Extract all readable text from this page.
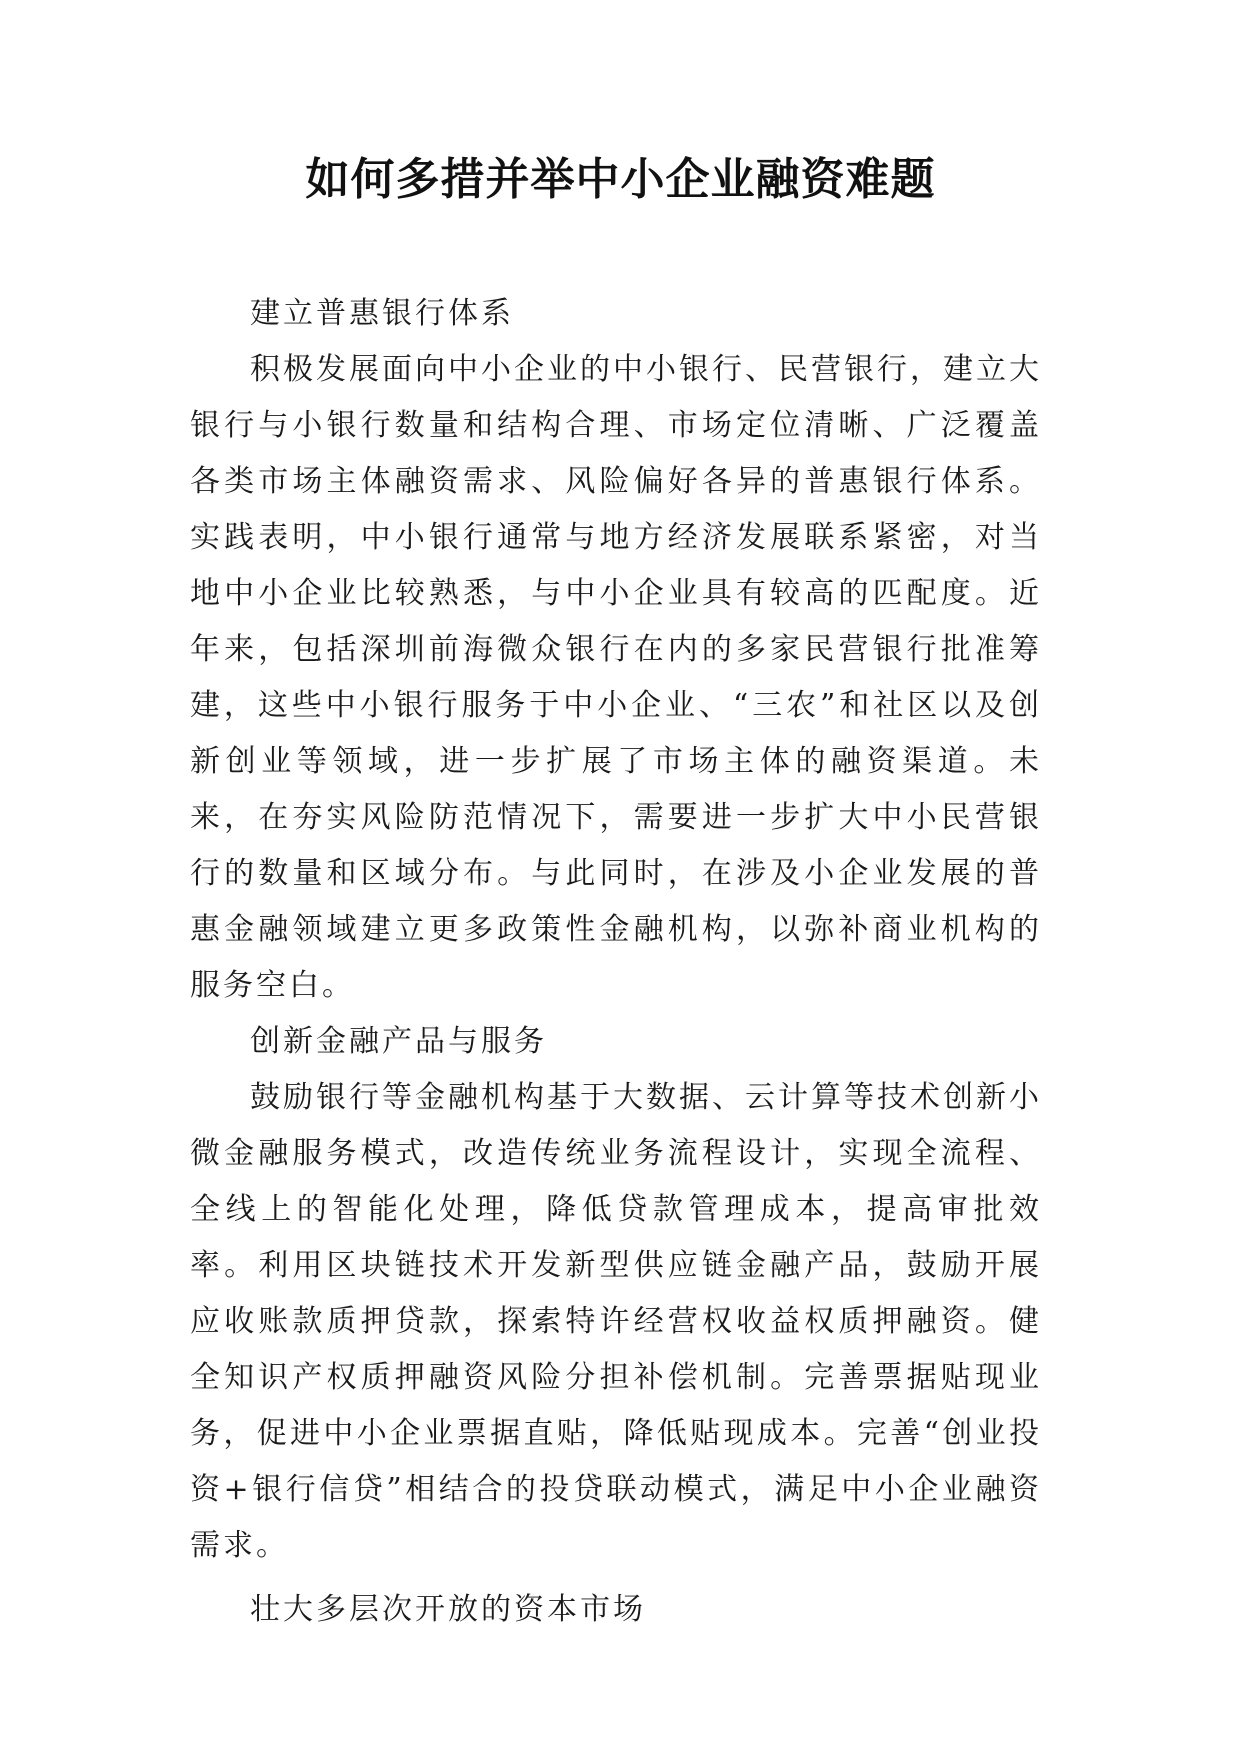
如何多措并举中小企业融资难题

建立普惠银行体系

积极发展面向中小企业的中小银行、民营银行，建立大银行与小银行数量和结构合理、市场定位清晰、广泛覆盖各类市场主体融资需求、风险偏好各异的普惠银行体系。实践表明，中小银行通常与地方经济发展联系紧密，对当地中小企业比较熟悉，与中小企业具有较高的匹配度。近年来，包括深圳前海微众银行在内的多家民营银行批准筹建，这些中小银行服务于中小企业、“三农”和社区以及创新创业等领域，进一步扩展了市场主体的融资渠道。未来，在夯实风险防范情况下，需要进一步扩大中小民营银行的数量和区域分布。与此同时，在涉及小企业发展的普惠金融领域建立更多政策性金融机构，以弥补商业机构的服务空白。

创新金融产品与服务

鼓励银行等金融机构基于大数据、云计算等技术创新小微金融服务模式，改造传统业务流程设计，实现全流程、全线上的智能化处理，降低贷款管理成本，提高审批效率。利用区块链技术开发新型供应链金融产品，鼓励开展应收账款质押贷款，探索特许经营权收益权质押融资。健全知识产权质押融资风险分担补偿机制。完善票据贴现业务，促进中小企业票据直贴，降低贴现成本。完善“创业投资+银行信贷”相结合的投贷联动模式，满足中小企业融资需求。

壮大多层次开放的资本市场
